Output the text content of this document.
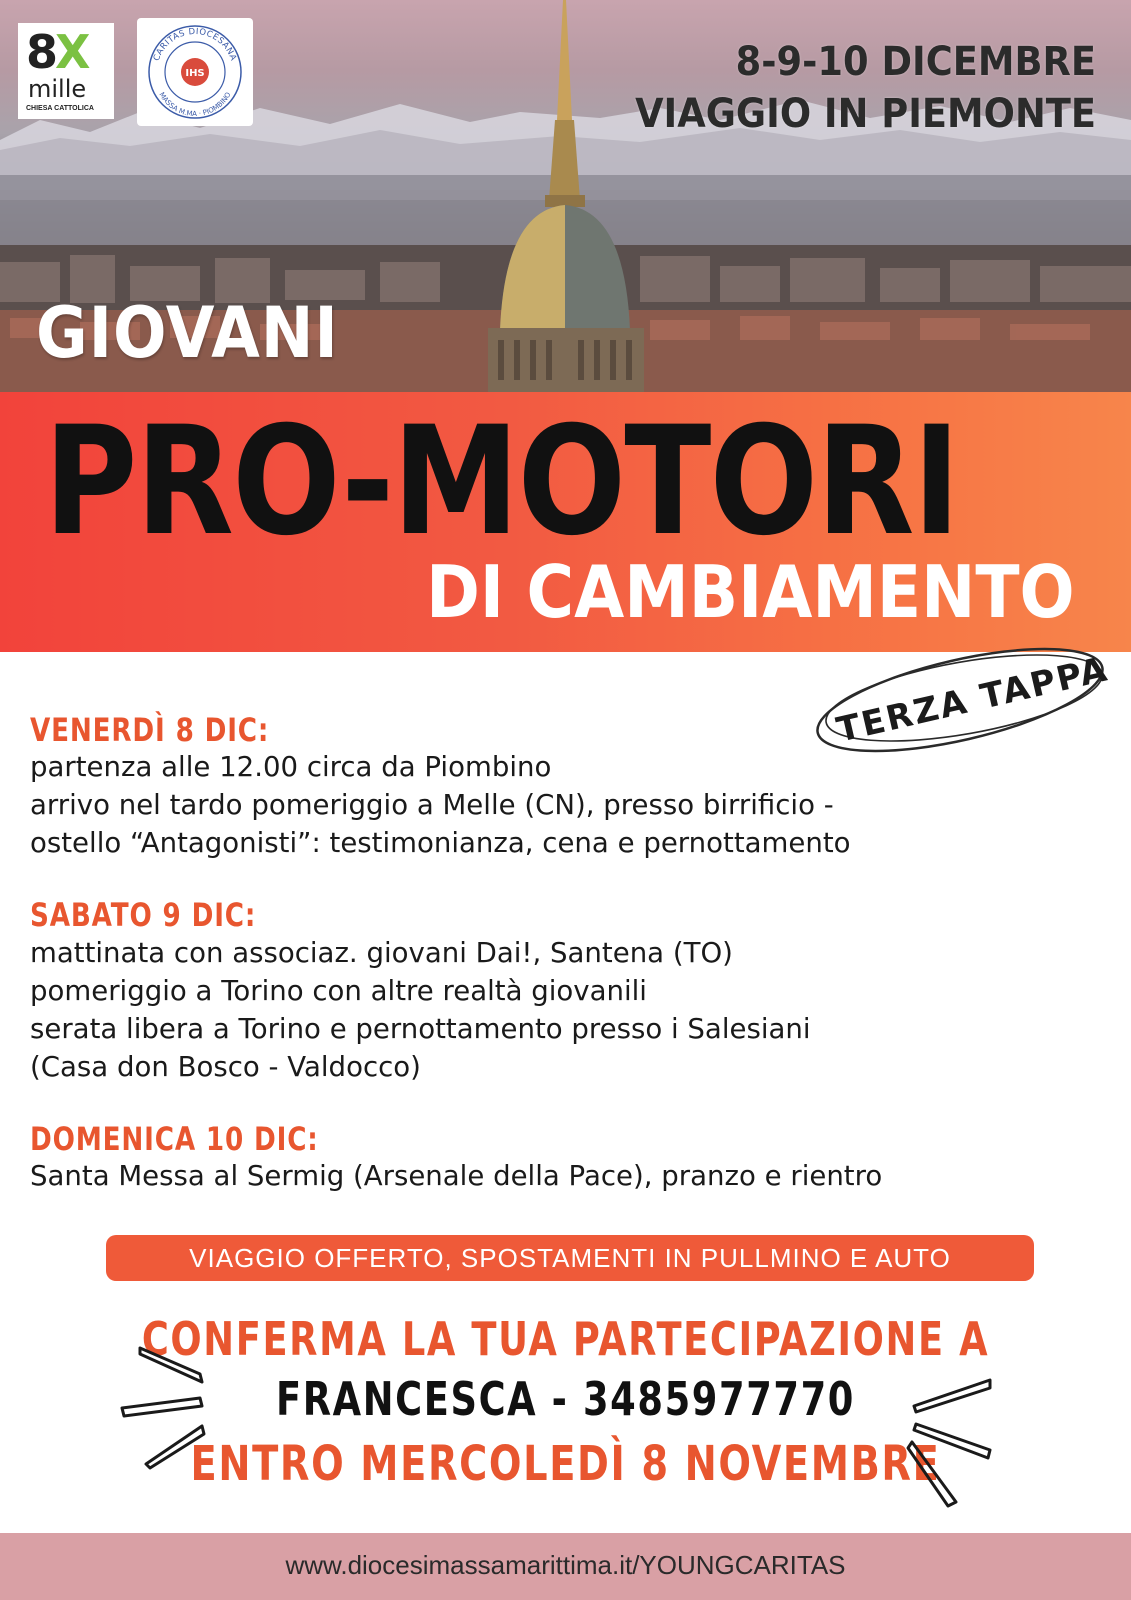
8X
mille
CHIESA CATTOLICA
CARITAS DIOCESANA
MASSA M.MA · PIOMBINO
IHS	8-9-10 DICEMBRE
VIAGGIO IN PIEMONTE
GIOVANI
PRO-MOTORI
DI CAMBIAMENTO
TERZA TAPPA
VENERDÌ 8 DIC:
partenza alle 12.00 circa da Piombino
arrivo nel tardo pomeriggio a Melle (CN), presso birrificio -
ostello “Antagonisti”: testimonianza, cena e pernottamento
SABATO 9 DIC:
mattinata con associaz. giovani Dai!, Santena (TO)
pomeriggio a Torino con altre realtà giovanili
serata libera a Torino e pernottamento presso i Salesiani
(Casa don Bosco - Valdocco)
DOMENICA 10 DIC:
Santa Messa al Sermig (Arsenale della Pace), pranzo e rientro
VIAGGIO OFFERTO, SPOSTAMENTI IN PULLMINO E AUTO
CONFERMA LA TUA PARTECIPAZIONE A
FRANCESCA - 3485977770
ENTRO MERCOLEDÌ 8 NOVEMBRE
www.diocesimassamarittima.it/YOUNGCARITAS
